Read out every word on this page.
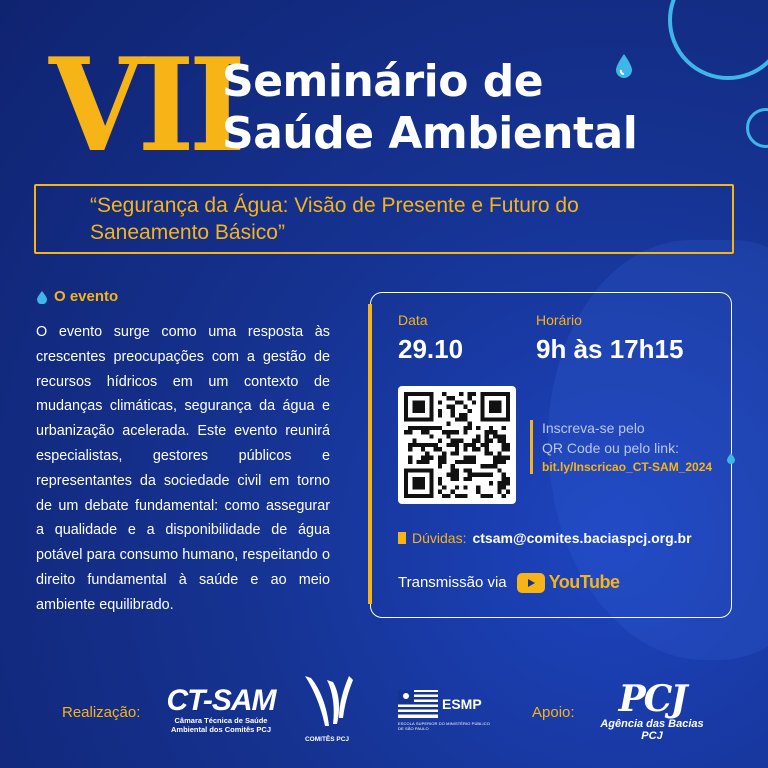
VII
Seminário de
Saúde Ambiental
“Segurança da Água: Visão de Presente e Futuro do
Saneamento Básico”
O evento

O evento surge como uma resposta às crescentes preocupações com a gestão de recursos hídricos em um contexto de mudanças climáticas, segurança da água e urbanização acelerada. Este evento reunirá especialistas, gestores públicos e representantes da sociedade civil em torno de um debate fundamental: como assegurar a qualidade e a disponibilidade de água potável para consumo humano, respeitando o direito fundamental à saúde e ao meio ambiente equilibrado.

Data
29.10
Horário
9h às 17h15
Inscreva-se pelo
QR Code ou pelo link:
bit.ly/Inscricao_CT-SAM_2024
Dúvidas: ctsam@comites.baciaspcj.org.br
Transmissão via YouTube
Realização: CT-SAM
Câmara Técnica de Saúde
Ambiental dos Comitês PCJ
COMITÊS PCJ
ESMP
ESCOLA SUPERIOR DO MINISTÉRIO PÚBLICO DE SÃO PAULO
Apoio:	PCJ
Agência das Bacias PCJ
